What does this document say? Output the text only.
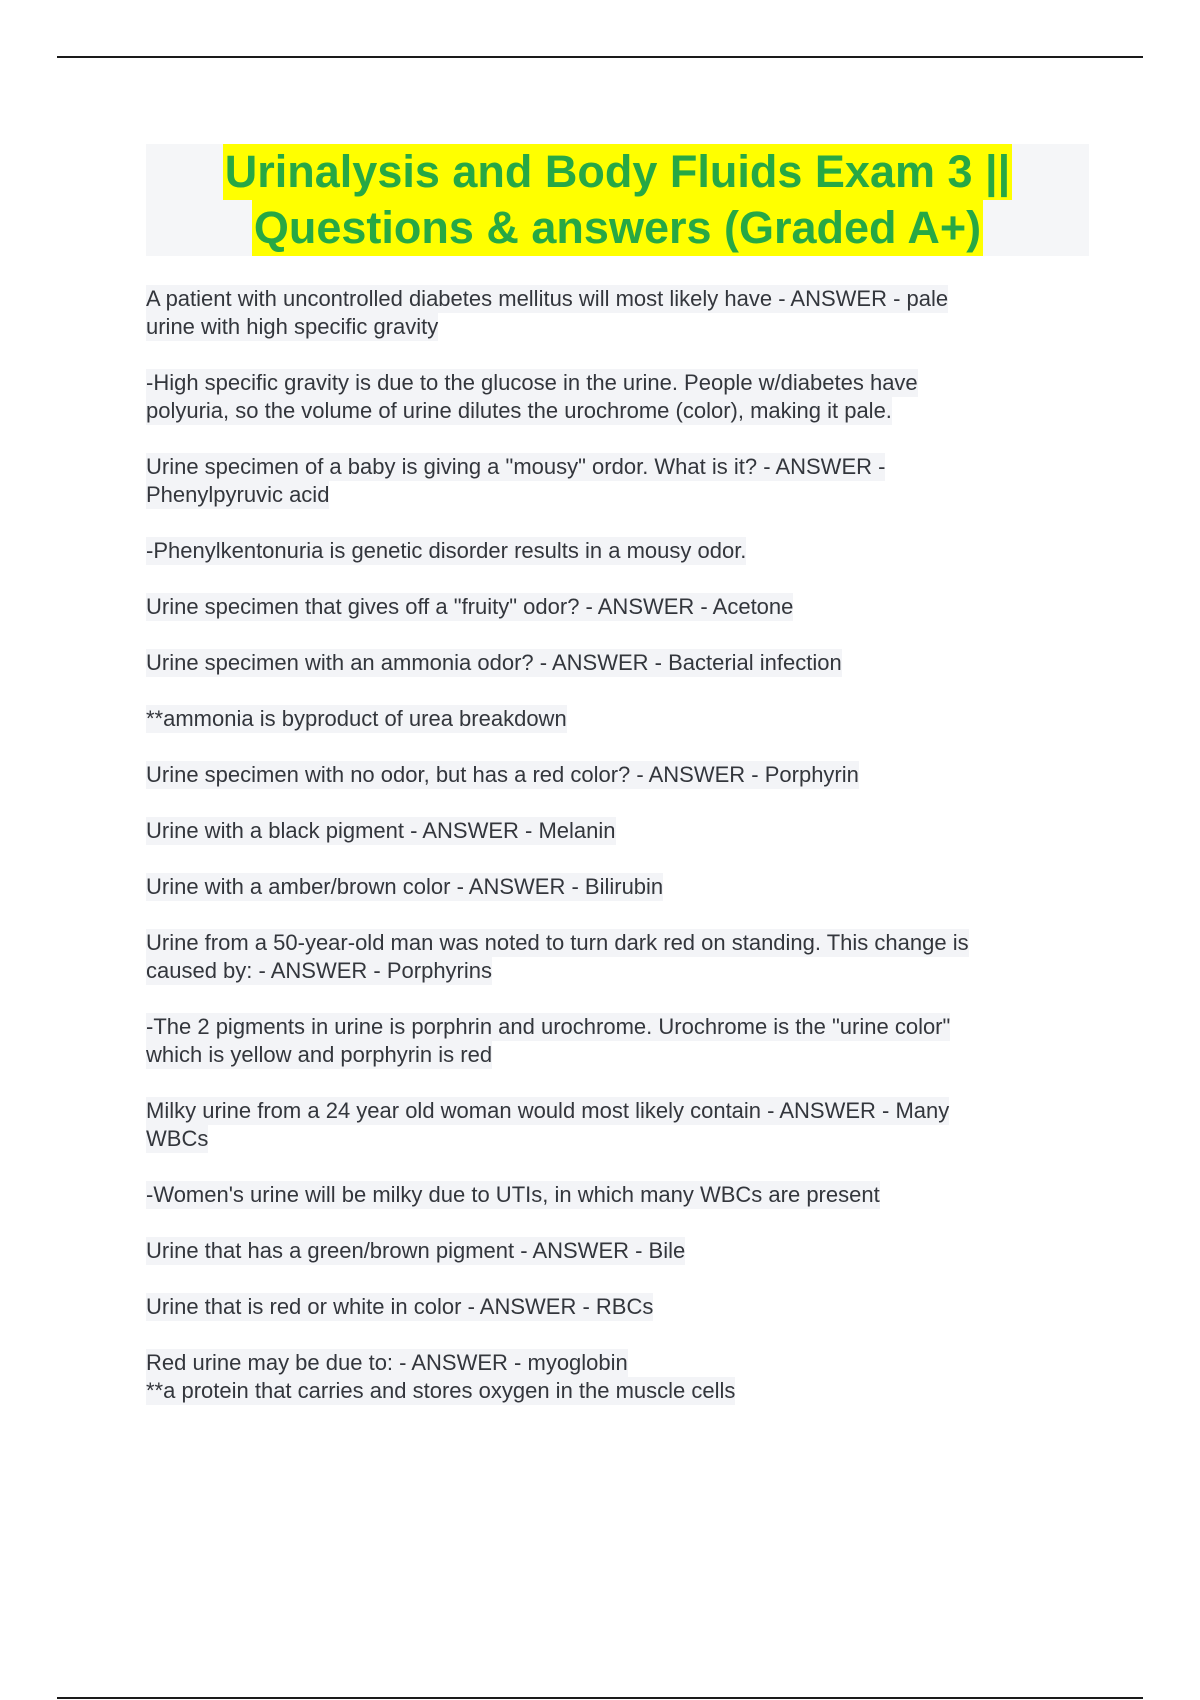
Urinalysis and Body Fluids Exam 3 ||
Questions & answers (Graded A+)
A patient with uncontrolled diabetes mellitus will most likely have - ANSWER - pale
urine with high specific gravity
-High specific gravity is due to the glucose in the urine. People w/diabetes have
polyuria, so the volume of urine dilutes the urochrome (color), making it pale.
Urine specimen of a baby is giving a "mousy" ordor. What is it? - ANSWER -
Phenylpyruvic acid
-Phenylkentonuria is genetic disorder results in a mousy odor.
Urine specimen that gives off a "fruity" odor? - ANSWER - Acetone
Urine specimen with an ammonia odor? - ANSWER - Bacterial infection
**ammonia is byproduct of urea breakdown
Urine specimen with no odor, but has a red color? - ANSWER - Porphyrin
Urine with a black pigment - ANSWER - Melanin
Urine with a amber/brown color - ANSWER - Bilirubin
Urine from a 50-year-old man was noted to turn dark red on standing. This change is
caused by: - ANSWER - Porphyrins
-The 2 pigments in urine is porphrin and urochrome. Urochrome is the "urine color"
which is yellow and porphyrin is red
Milky urine from a 24 year old woman would most likely contain - ANSWER - Many
WBCs
-Women's urine will be milky due to UTIs, in which many WBCs are present
Urine that has a green/brown pigment - ANSWER - Bile
Urine that is red or white in color - ANSWER - RBCs
Red urine may be due to: - ANSWER - myoglobin
**a protein that carries and stores oxygen in the muscle cells
